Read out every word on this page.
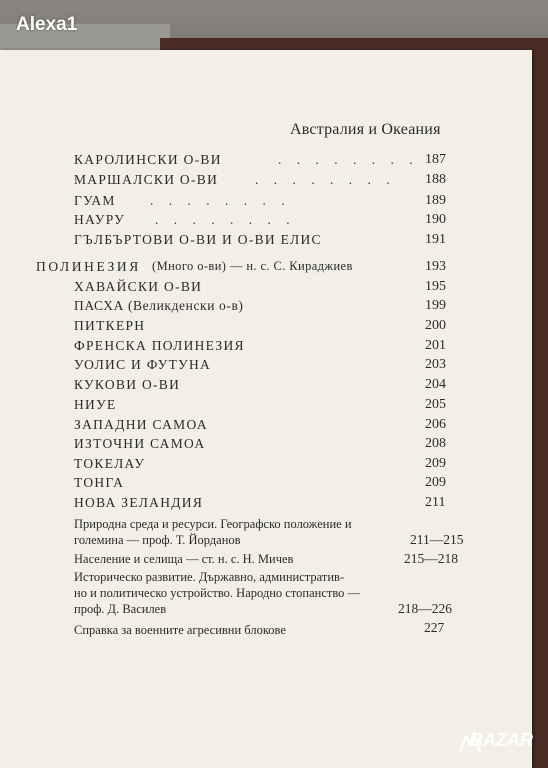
Alexa1
Австралия и Океания
КАРОЛИНСКИ О-ВИ	. . . . . . . . 187
МАРШАЛСКИ О-ВИ	. . . . . . . . 188
ГУАМ	. . . . . . . .	189
НАУРУ . . . . . . . .	190
ГЪЛБЪРТОВИ О-ВИ И О-ВИ ЕЛИС	191
ПОЛИНЕЗИЯ (Много о-ви) — н. с. С. Кираджиев	193
ХАВАЙСКИ О-ВИ	195
ПАСХА (Великденски о-в)	199
ПИТКЕРН	200
ФРЕНСКА ПОЛИНЕЗИЯ	201
УОЛИС И ФУТУНА	203
КУКОВИ О-ВИ	204
НИУЕ	205
ЗАПАДНИ САМОА	206
ИЗТОЧНИ САМОА	208
ТОКЕЛАУ	209
ТОНГА	209
НОВА ЗЕЛАНДИЯ	211
Природна среда и ресурси. Географско положение и
големина — проф. Т. Йорданов	211—215
Население и селища — ст. н. с. Н. Мичев	215—218
Историческо развитие. Държавно, административ-
но и политическо устройство. Народно стопанство —
проф. Д. Василев	218—226
Справка за военните агресивни блокове	227
BAZAR
